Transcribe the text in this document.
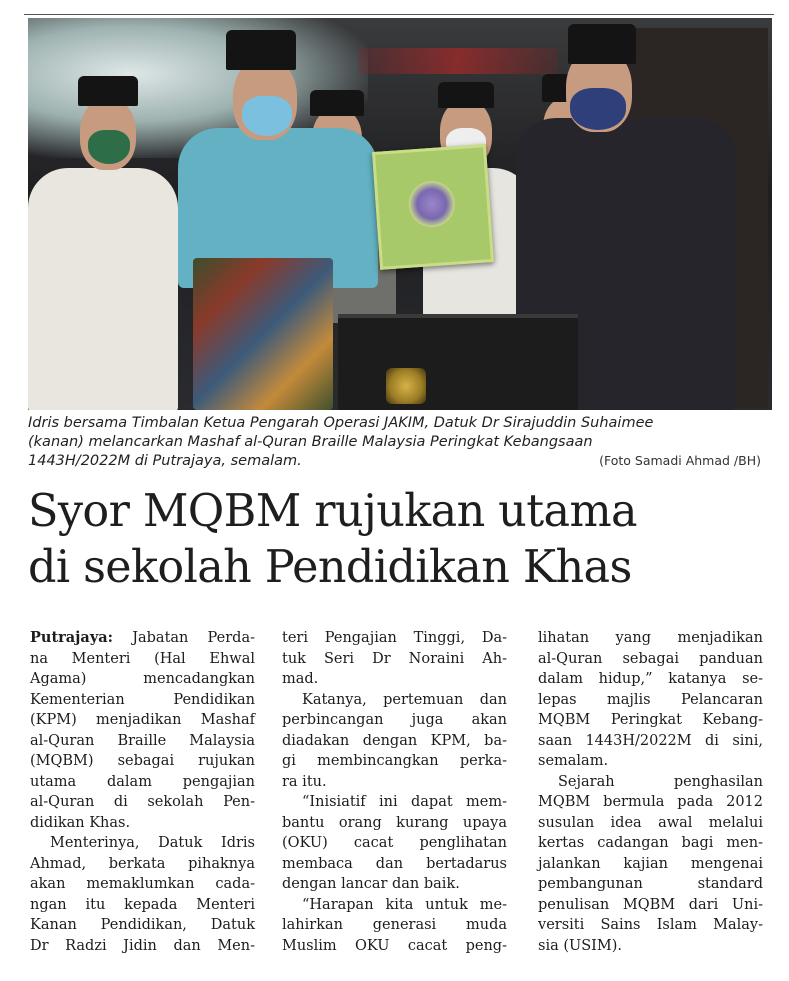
Idris bersama Timbalan Ketua Pengarah Operasi JAKIM, Datuk Dr Sirajuddin Suhaimee

(kanan) melancarkan Mashaf al-Quran Braille Malaysia Peringkat Kebangsaan

1443H/2022M di Putrajaya, semalam.	(Foto Samadi Ahmad /BH)
Syor MQBM rujukan utama
di sekolah Pendidikan Khas
Putrajaya: Jabatan Perda-
na Menteri (Hal Ehwal
Agama) mencadangkan
Kementerian Pendidikan
(KPM) menjadikan Mashaf
al-Quran Braille Malaysia
(MQBM) sebagai rujukan
utama dalam pengajian
al-Quran di sekolah Pen-
didikan Khas.
Menterinya, Datuk Idris
Ahmad, berkata pihaknya
akan memaklumkan cada-
ngan itu kepada Menteri
Kanan Pendidikan, Datuk
Dr Radzi Jidin dan Men-
teri Pengajian Tinggi, Da-
tuk Seri Dr Noraini Ah-
mad.
Katanya, pertemuan dan
perbincangan juga akan
diadakan dengan KPM, ba-
gi membincangkan perka-
ra itu.
“Inisiatif ini dapat mem-
bantu orang kurang upaya
(OKU) cacat penglihatan
membaca dan bertadarus
dengan lancar dan baik.
“Harapan kita untuk me-
lahirkan generasi muda
Muslim OKU cacat peng-
lihatan yang menjadikan
al-Quran sebagai panduan
dalam hidup,” katanya se-
lepas majlis Pelancaran
MQBM Peringkat Kebang-
saan 1443H/2022M di sini,
semalam.
Sejarah penghasilan
MQBM bermula pada 2012
susulan idea awal melalui
kertas cadangan bagi men-
jalankan kajian mengenai
pembangunan standard
penulisan MQBM dari Uni-
versiti Sains Islam Malay-
sia (USIM).
